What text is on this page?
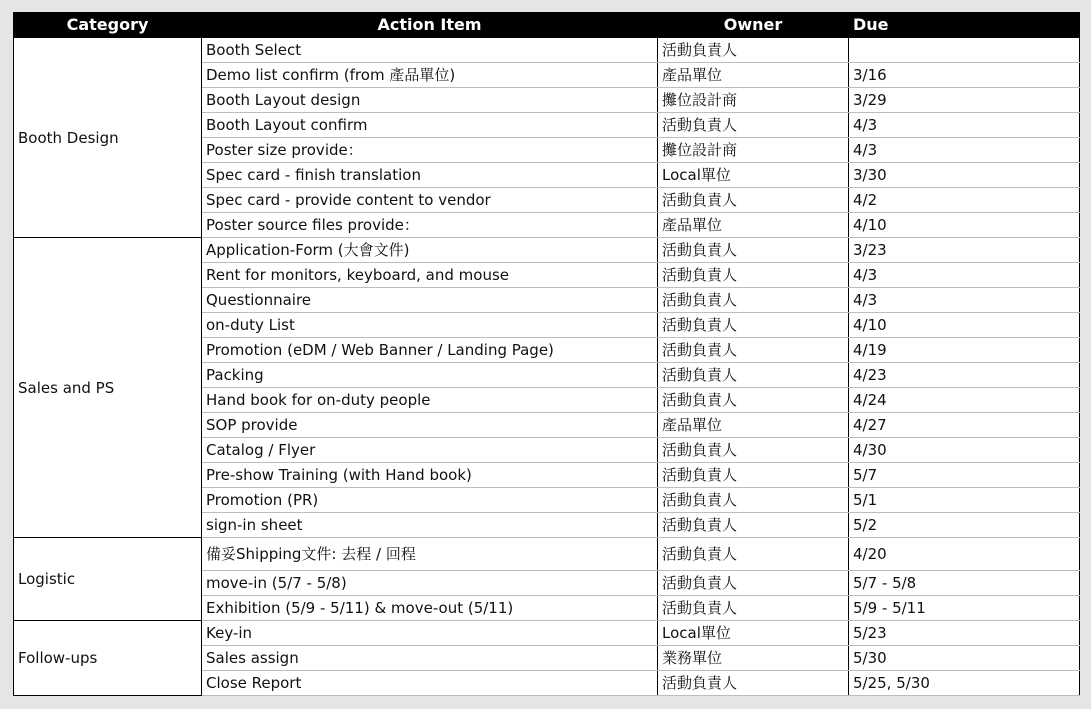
Category	Action Item	Owner	Due
Booth Design	Booth Select	活動負責人	
	Demo list confirm (from 產品單位)	產品單位	3/16
	Booth Layout design	攤位設計商	3/29
	Booth Layout confirm	活動負責人	4/3
	Poster size provide：	攤位設計商	4/3
	Spec card - finish translation	Local單位	3/30
	Spec card - provide content to vendor	活動負責人	4/2
	Poster source files provide：	產品單位	4/10
Sales and PS	Application-Form (大會文件)	活動負責人	3/23
	Rent for monitors, keyboard, and mouse	活動負責人	4/3
	Questionnaire	活動負責人	4/3
	on-duty List	活動負責人	4/10
	Promotion (eDM / Web Banner / Landing Page)	活動負責人	4/19
	Packing	活動負責人	4/23
	Hand book for on-duty people	活動負責人	4/24
	SOP provide	產品單位	4/27
	Catalog / Flyer	活動負責人	4/30
	Pre-show Training (with Hand book)	活動負責人	5/7
	Promotion (PR)	活動負責人	5/1
	sign-in sheet	活動負責人	5/2
Logistic	備妥Shipping文件: 去程 / 回程	活動負責人	4/20
	move-in (5/7 - 5/8)	活動負責人	5/7 - 5/8
	Exhibition (5/9 - 5/11) & move-out (5/11)	活動負責人	5/9 - 5/11
Follow-ups	Key-in	Local單位	5/23
	Sales assign	業務單位	5/30
	Close Report	活動負責人	5/25, 5/30
